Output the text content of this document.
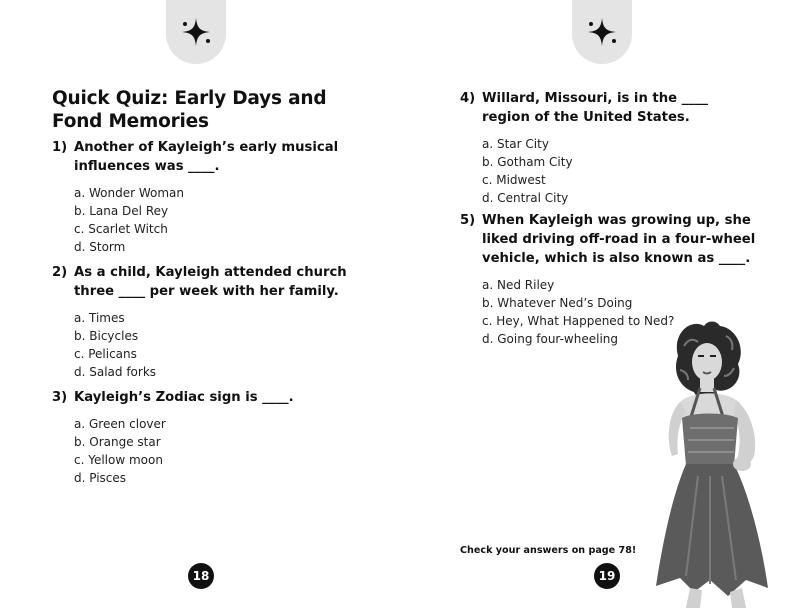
Quick Quiz: Early Days and Fond Memories
1) Another of Kayleigh’s early musical influences was ____.
a. Wonder Woman
b. Lana Del Rey
c. Scarlet Witch
d. Storm
2) As a child, Kayleigh attended church three ____ per week with her family.
a. Times
b. Bicycles
c. Pelicans
d. Salad forks
3) Kayleigh’s Zodiac sign is ____.
a. Green clover
b. Orange star
c. Yellow moon
d. Pisces
18
4) Willard, Missouri, is in the ____ region of the United States.
a. Star City
b. Gotham City
c. Midwest
d. Central City
5) When Kayleigh was growing up, she liked driving off-road in a four-wheel vehicle, which is also known as ____.
a. Ned Riley
b. Whatever Ned’s Doing
c. Hey, What Happened to Ned?
d. Going four-wheeling
Check your answers on page 78!
19
